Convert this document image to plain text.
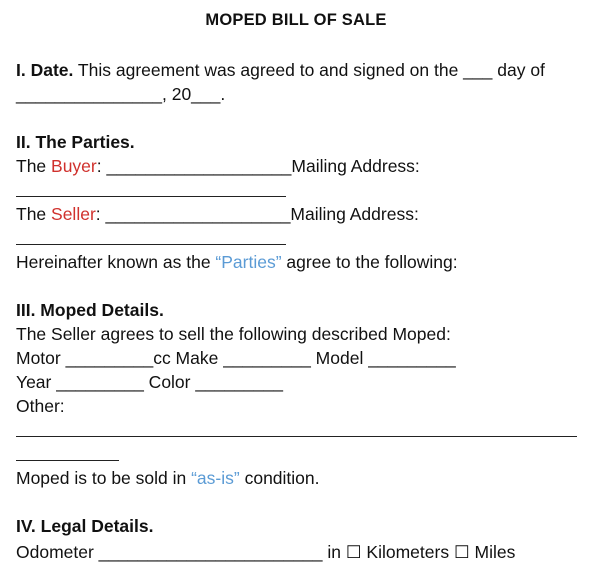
MOPED BILL OF SALE
I. Date. This agreement was agreed to and signed on the ___ day of
_______________, 20___.
II. The Parties.
The Buyer: ___________________Mailing Address:
The Seller: ___________________Mailing Address:
Hereinafter known as the “Parties” agree to the following:
III. Moped Details.
The Seller agrees to sell the following described Moped:
Motor _________cc Make _________ Model _________
Year _________ Color _________
Other:
Moped is to be sold in “as-is” condition.
IV. Legal Details.
Odometer _______________________ in ☐ Kilometers ☐ Miles
